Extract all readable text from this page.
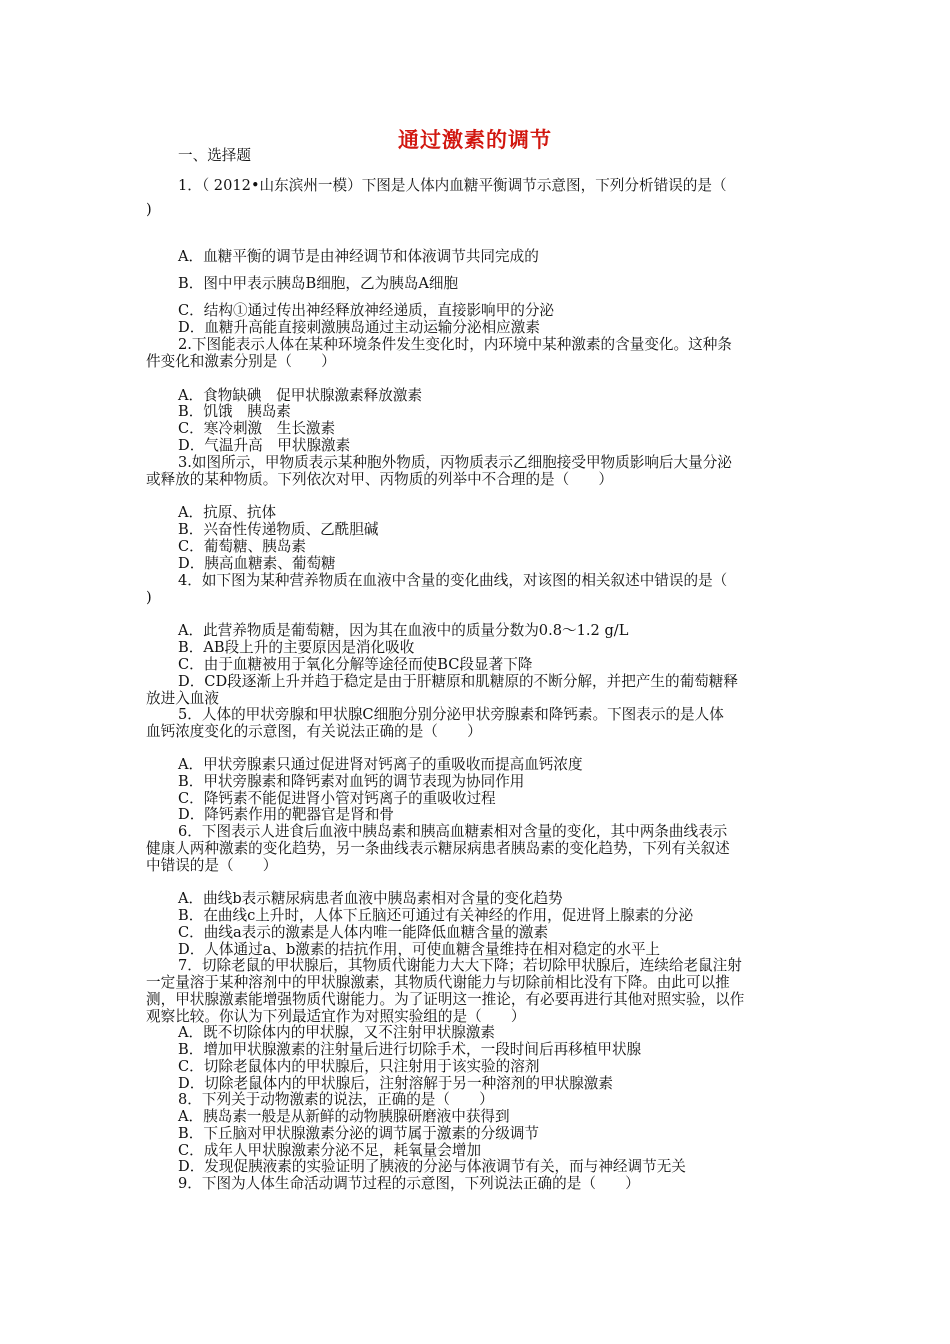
通过激素的调节
一、选择题
1．（ 2012•山东滨州一模）下图是人体内血糖平衡调节示意图，下列分析错误的是（
)
A．血糖平衡的调节是由神经调节和体液调节共同完成的
B．图中甲表示胰岛B细胞，乙为胰岛A细胞
C．结构①通过传出神经释放神经递质，直接影响甲的分泌
D．血糖升高能直接刺激胰岛通过主动运输分泌相应激素
2.下图能表示人体在某种环境条件发生变化时，内环境中某种激素的含量变化。这种条
件变化和激素分别是（　　）
A．食物缺碘　促甲状腺激素释放激素
B．饥饿　胰岛素
C．寒冷刺激　生长激素
D．气温升高　甲状腺激素
3.如图所示，甲物质表示某种胞外物质，丙物质表示乙细胞接受甲物质影响后大量分泌
或释放的某种物质。下列依次对甲、丙物质的列举中不合理的是（　　）
A．抗原、抗体
B．兴奋性传递物质、乙酰胆碱
C．葡萄糖、胰岛素
D．胰高血糖素、葡萄糖
4．如下图为某种营养物质在血液中含量的变化曲线，对该图的相关叙述中错误的是（
)
A．此营养物质是葡萄糖，因为其在血液中的质量分数为0.8～1.2 g/L
B．AB段上升的主要原因是消化吸收
C．由于血糖被用于氧化分解等途径而使BC段显著下降
D．CD段逐渐上升并趋于稳定是由于肝糖原和肌糖原的不断分解，并把产生的葡萄糖释
放进入血液
5．人体的甲状旁腺和甲状腺C细胞分别分泌甲状旁腺素和降钙素。下图表示的是人体
血钙浓度变化的示意图，有关说法正确的是（　　）
A．甲状旁腺素只通过促进肾对钙离子的重吸收而提高血钙浓度
B．甲状旁腺素和降钙素对血钙的调节表现为协同作用
C．降钙素不能促进肾小管对钙离子的重吸收过程
D．降钙素作用的靶器官是肾和骨
6．下图表示人进食后血液中胰岛素和胰高血糖素相对含量的变化，其中两条曲线表示
健康人两种激素的变化趋势，另一条曲线表示糖尿病患者胰岛素的变化趋势，下列有关叙述
中错误的是（　　）
A．曲线b表示糖尿病患者血液中胰岛素相对含量的变化趋势
B．在曲线c上升时，人体下丘脑还可通过有关神经的作用，促进肾上腺素的分泌
C．曲线a表示的激素是人体内唯一能降低血糖含量的激素
D．人体通过a、b激素的拮抗作用，可使血糖含量维持在相对稳定的水平上
7．切除老鼠的甲状腺后，其物质代谢能力大大下降；若切除甲状腺后，连续给老鼠注射
一定量溶于某种溶剂中的甲状腺激素，其物质代谢能力与切除前相比没有下降。由此可以推
测，甲状腺激素能增强物质代谢能力。为了证明这一推论，有必要再进行其他对照实验，以作
观察比较。你认为下列最适宜作为对照实验组的是（　　）
A．既不切除体内的甲状腺，又不注射甲状腺激素
B．增加甲状腺激素的注射量后进行切除手术，一段时间后再移植甲状腺
C．切除老鼠体内的甲状腺后，只注射用于该实验的溶剂
D．切除老鼠体内的甲状腺后，注射溶解于另一种溶剂的甲状腺激素
8．下列关于动物激素的说法，正确的是（　　）
A．胰岛素一般是从新鲜的动物胰腺研磨液中获得到
B．下丘脑对甲状腺激素分泌的调节属于激素的分级调节
C．成年人甲状腺激素分泌不足，耗氧量会增加
D．发现促胰液素的实验证明了胰液的分泌与体液调节有关，而与神经调节无关
9．下图为人体生命活动调节过程的示意图，下列说法正确的是（　　）
